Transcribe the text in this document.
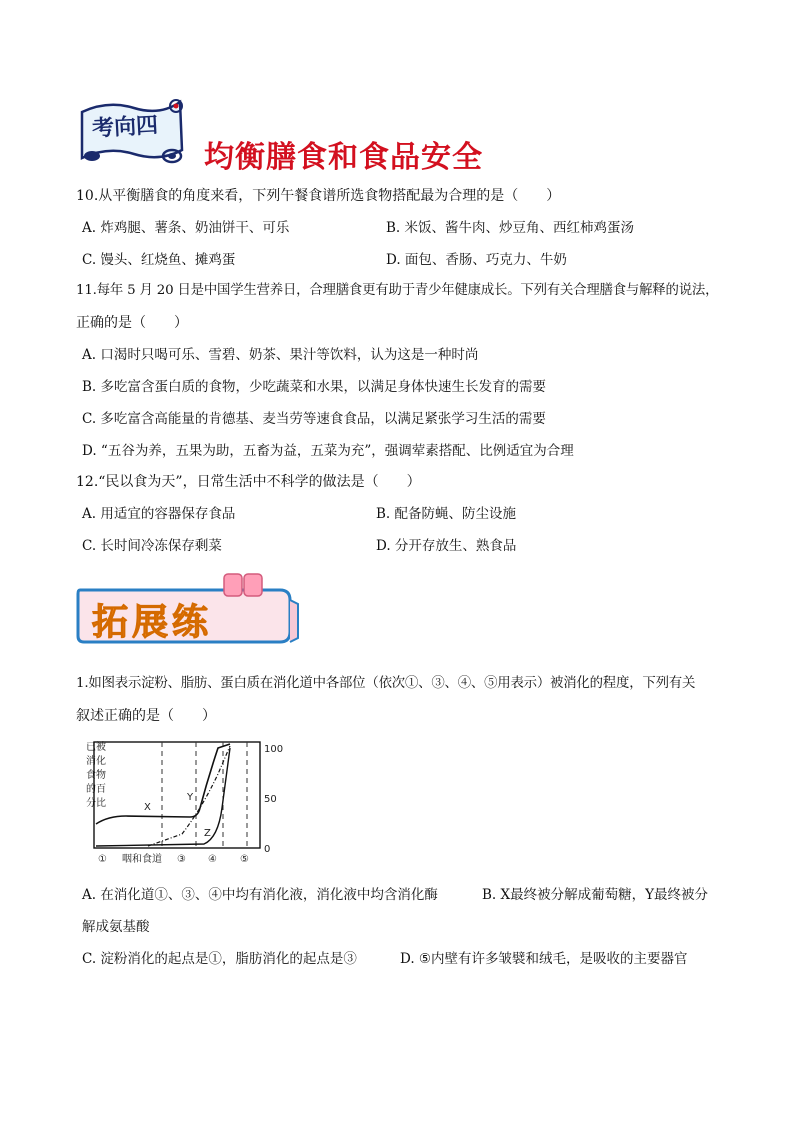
考向四
均衡膳食和食品安全
10.从平衡膳食的角度来看，下列午餐食谱所选食物搭配最为合理的是（　　）
A. 炸鸡腿、薯条、奶油饼干、可乐	B. 米饭、酱牛肉、炒豆角、西红柿鸡蛋汤
C. 馒头、红烧鱼、摊鸡蛋	D. 面包、香肠、巧克力、牛奶
11.每年 5 月 20 日是中国学生营养日，合理膳食更有助于青少年健康成长。下列有关合理膳食与解释的说法，
正确的是（　　）
A. 口渴时只喝可乐、雪碧、奶茶、果汁等饮料，认为这是一种时尚
B. 多吃富含蛋白质的食物，少吃蔬菜和水果，以满足身体快速生长发育的需要
C. 多吃富含高能量的肯德基、麦当劳等速食食品，以满足紧张学习生活的需要
D. “五谷为养，五果为助，五畜为益，五菜为充”，强调荤素搭配、比例适宜为合理
12.“民以食为天”，日常生活中不科学的做法是（　　）
A. 用适宜的容器保存食品	B. 配备防蝇、防尘设施
C. 长时间冷冻保存剩菜	D. 分开存放生、熟食品
拓展练
1.如图表示淀粉、脂肪、蛋白质在消化道中各部位（依次①、③、④、⑤用表示）被消化的程度，下列有关
叙述正确的是（　　）
已被
消化
食物
的百
分比	X
Y
Z
100
50
0
① 咽和食道 ③ ④ ⑤
A. 在消化道①、③、④中均有消化液，消化液中均含消化酶	B. X最终被分解成葡萄糖，Y最终被分
解成氨基酸
C. 淀粉消化的起点是①，脂肪消化的起点是③	D. ⑤内壁有许多皱襞和绒毛，是吸收的主要器官
